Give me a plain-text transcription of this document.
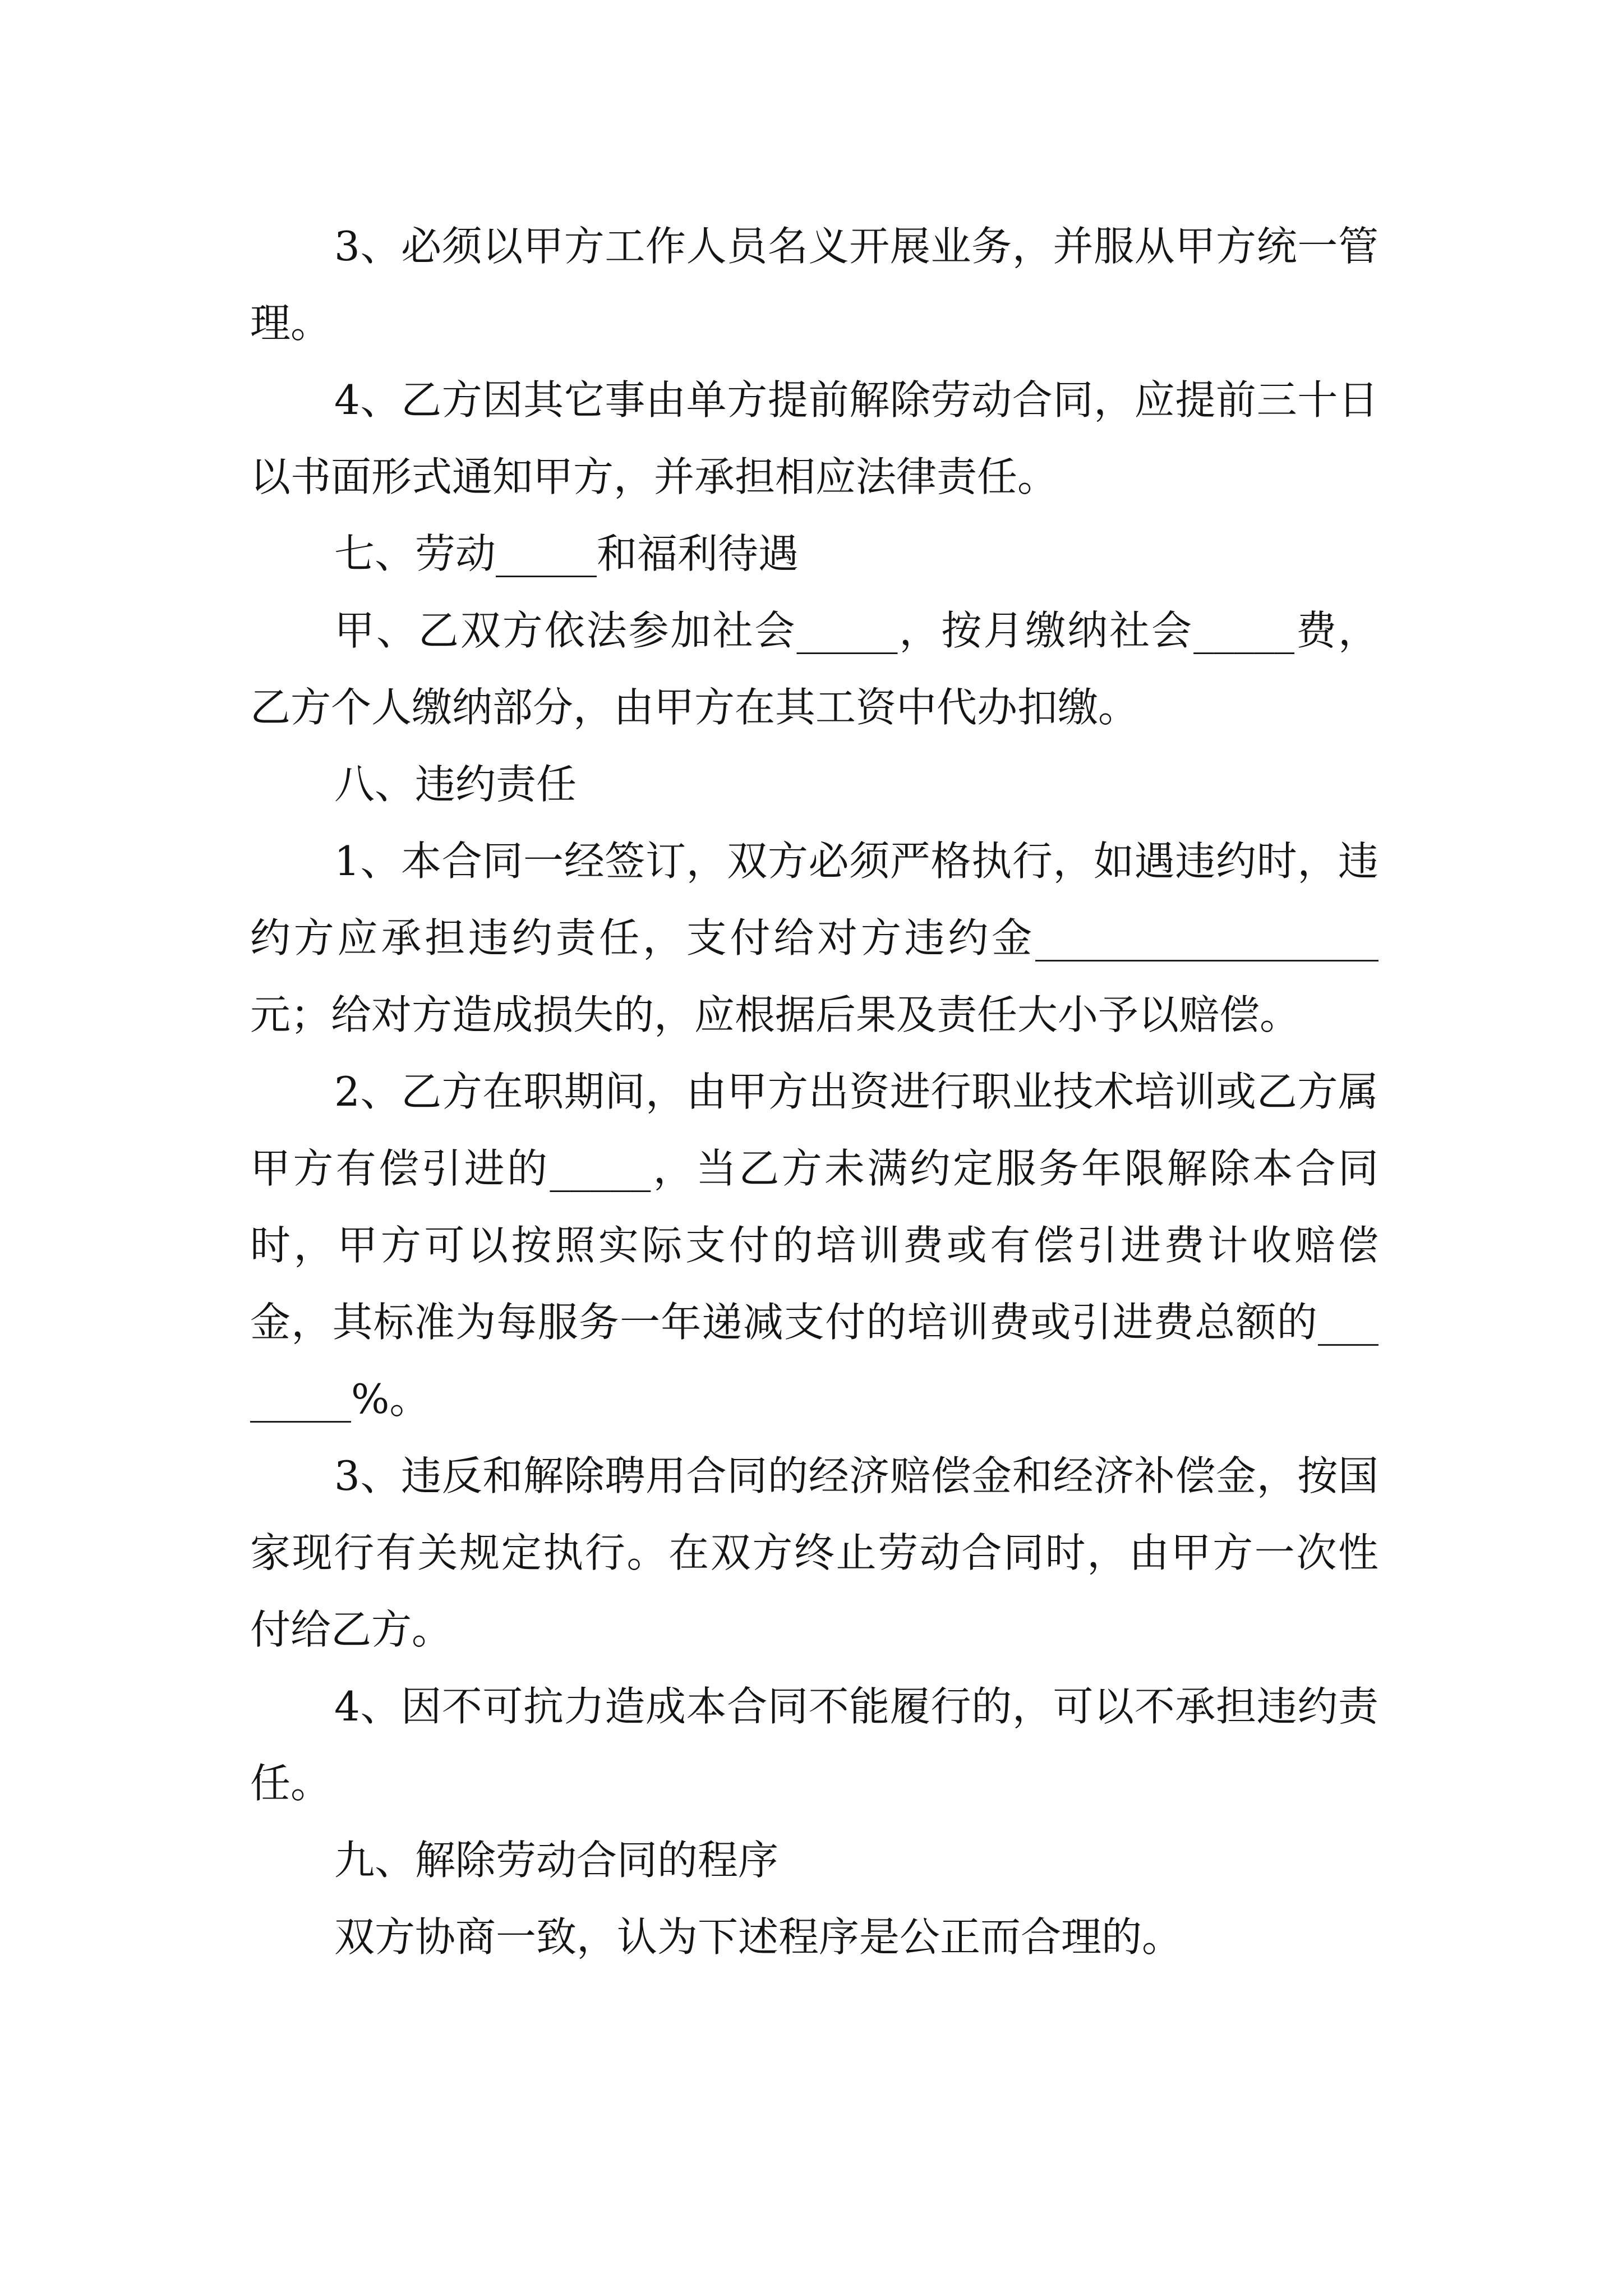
3、必须以甲方工作人员名义开展业务，并服从甲方统一管理。

4、乙方因其它事由单方提前解除劳动合同，应提前三十日以书面形式通知甲方，并承担相应法律责任。

七、劳动_____和福利待遇

甲、乙双方依法参加社会_____，按月缴纳社会_____费，乙方个人缴纳部分，由甲方在其工资中代办扣缴。

八、违约责任

1、本合同一经签订，双方必须严格执行，如遇违约时，违约方应承担违约责任，支付给对方违约金_________________元；给对方造成损失的，应根据后果及责任大小予以赔偿。

2、乙方在职期间，由甲方出资进行职业技术培训或乙方属甲方有偿引进的_____，当乙方未满约定服务年限解除本合同时，甲方可以按照实际支付的培训费或有偿引进费计收赔偿金，其标准为每服务一年递减支付的培训费或引进费总额的________%。

3、违反和解除聘用合同的经济赔偿金和经济补偿金，按国家现行有关规定执行。在双方终止劳动合同时，由甲方一次性付给乙方。

4、因不可抗力造成本合同不能履行的，可以不承担违约责任。

九、解除劳动合同的程序

双方协商一致，认为下述程序是公正而合理的。
